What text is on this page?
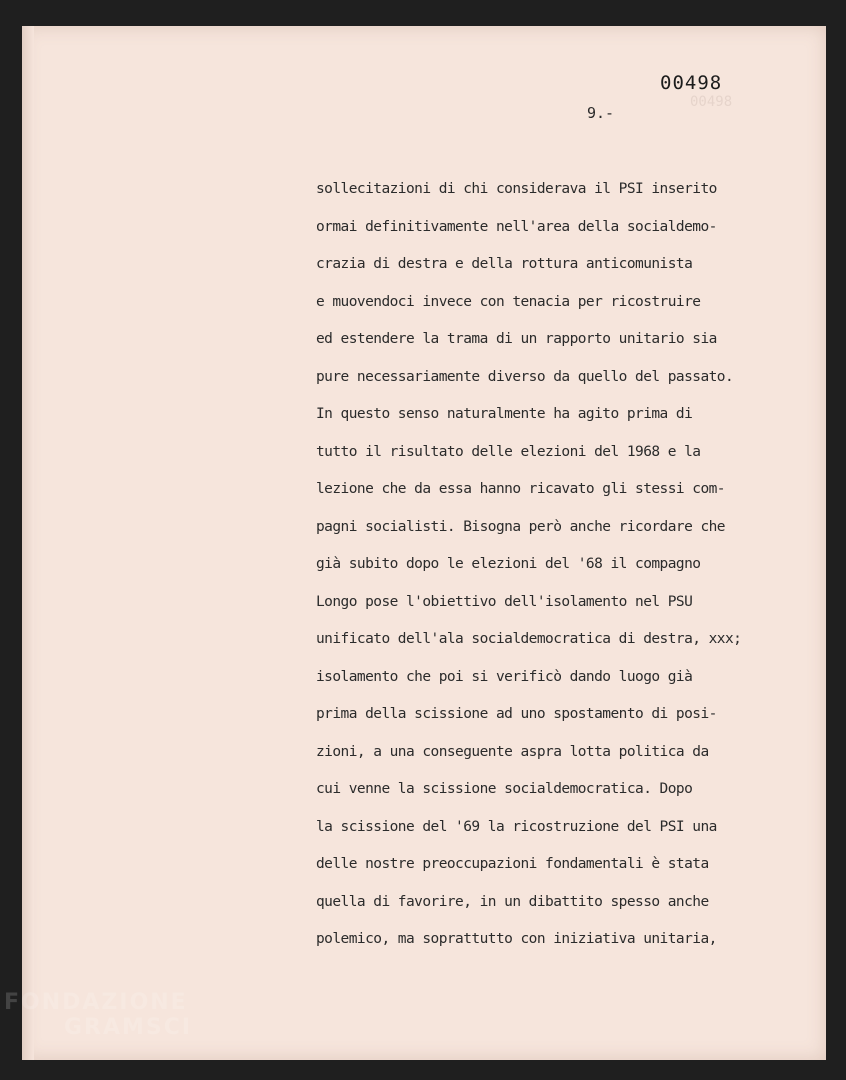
00498

00498
9.-
sollecitazioni di chi considerava il PSI inserito
ormai definitivamente nell'area della socialdemo-
crazia di destra e della rottura anticomunista
e muovendoci invece con tenacia per ricostruire
ed estendere la trama di un rapporto unitario sia
pure necessariamente diverso da quello del passato.
In questo senso naturalmente ha agito prima di
tutto il risultato delle elezioni del 1968 e la
lezione che da essa hanno ricavato gli stessi com-
pagni socialisti. Bisogna però anche ricordare che
già subito dopo le elezioni del '68 il compagno
Longo pose l'obiettivo dell'isolamento nel PSU
unificato dell'ala socialdemocratica di destra, xxx;
isolamento che poi si verificò dando luogo già
prima della scissione ad uno spostamento di posi-
zioni, a una conseguente aspra lotta politica da
cui venne la scissione socialdemocratica. Dopo
la scissione del '69 la ricostruzione del PSI una
delle nostre preoccupazioni fondamentali è stata
quella di favorire, in un dibattito spesso anche
polemico, ma soprattutto con iniziativa unitaria,
FONDAZIONE
GRAMSCI
